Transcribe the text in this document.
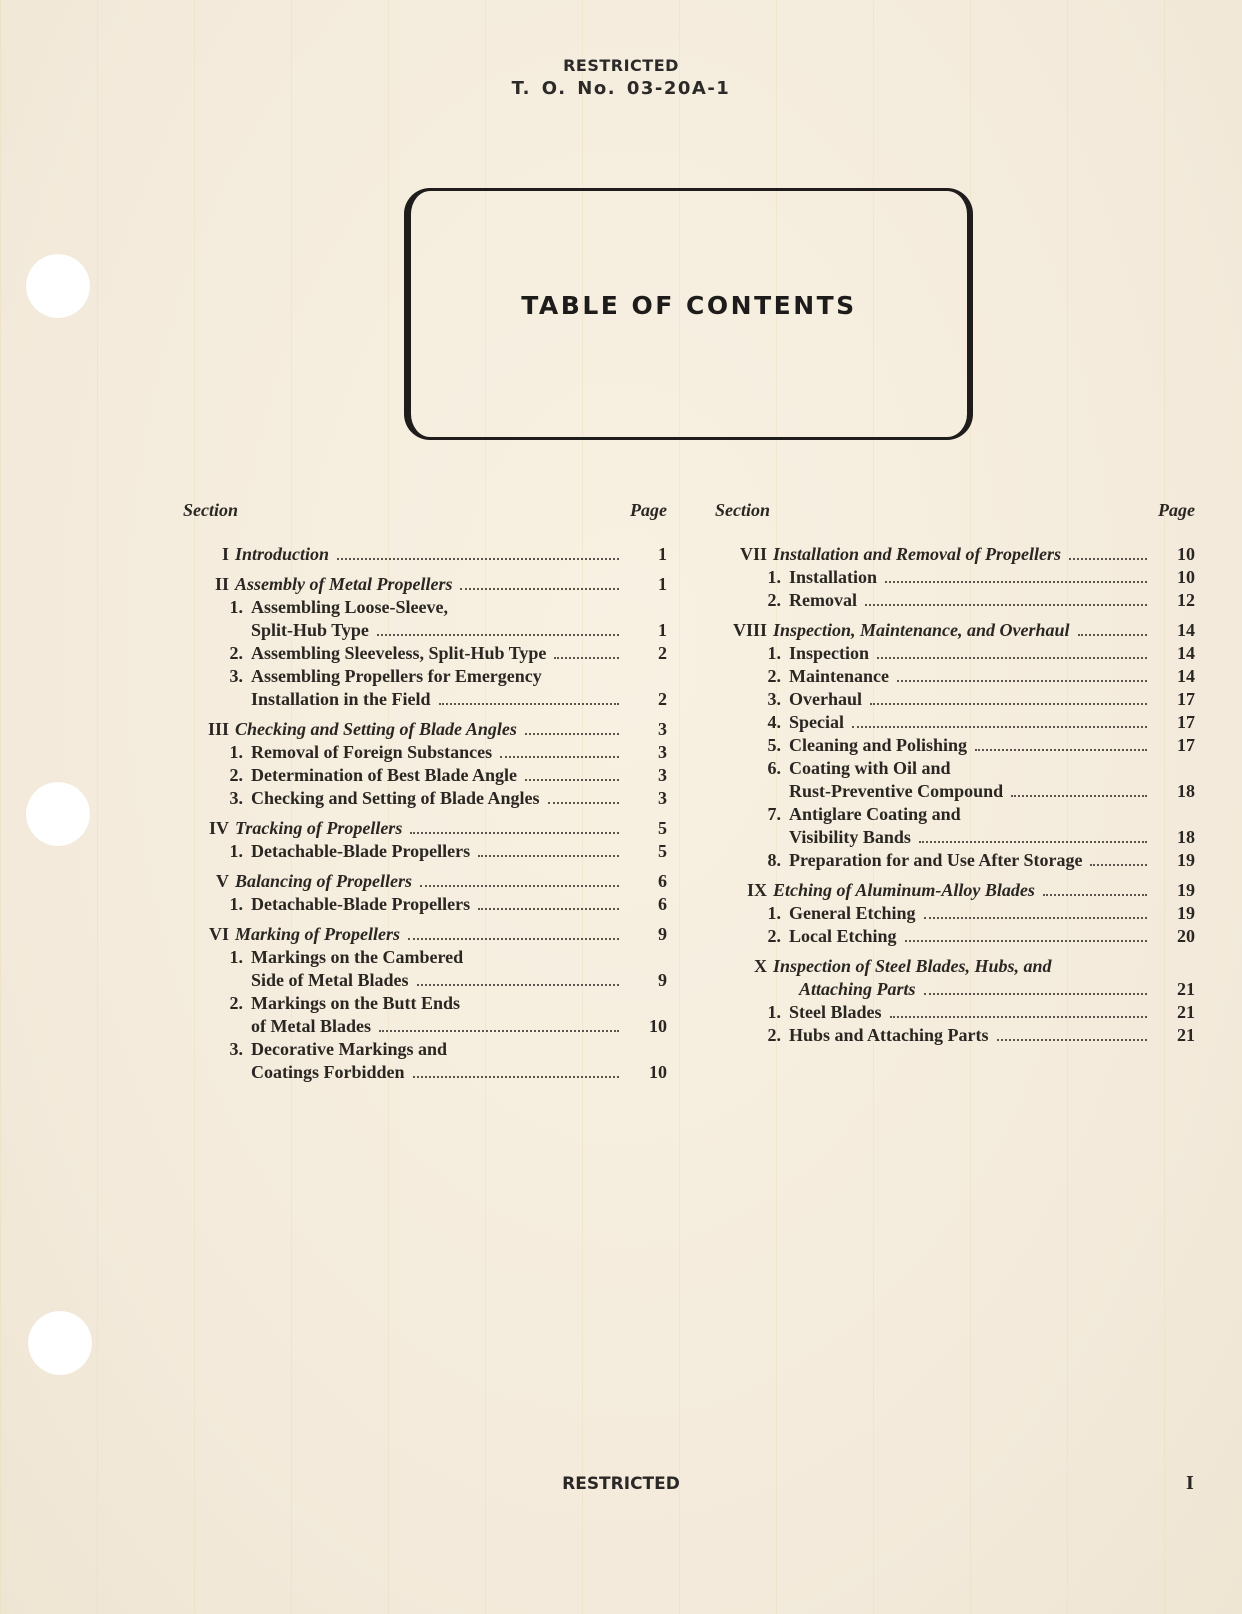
RESTRICTED
T. O. No. 03-20A-1
TABLE OF CONTENTS
Section	Page
I Introduction	1
II Assembly of Metal Propellers	1
1. Assembling Loose-Sleeve,
Split-Hub Type	1
2. Assembling Sleeveless, Split-Hub Type	2
3. Assembling Propellers for Emergency
Installation in the Field	2
III Checking and Setting of Blade Angles	3
1. Removal of Foreign Substances	3
2. Determination of Best Blade Angle	3
3. Checking and Setting of Blade Angles	3
IV Tracking of Propellers	5
1. Detachable-Blade Propellers	5
V Balancing of Propellers	6
1. Detachable-Blade Propellers	6
VI Marking of Propellers	9
1. Markings on the Cambered
Side of Metal Blades	9
2. Markings on the Butt Ends
of Metal Blades	10
3. Decorative Markings and
Coatings Forbidden	10
Section	Page
VII Installation and Removal of Propellers	10
1. Installation	10
2. Removal	12
VIII Inspection, Maintenance, and Overhaul	14
1. Inspection	14
2. Maintenance	14
3. Overhaul	17
4. Special	17
5. Cleaning and Polishing	17
6. Coating with Oil and
Rust-Preventive Compound	18
7. Antiglare Coating and
Visibility Bands	18
8. Preparation for and Use After Storage	19
IX Etching of Aluminum-Alloy Blades	19
1. General Etching	19
2. Local Etching	20
X Inspection of Steel Blades, Hubs, and
Attaching Parts	21
1. Steel Blades	21
2. Hubs and Attaching Parts	21
RESTRICTED	I
